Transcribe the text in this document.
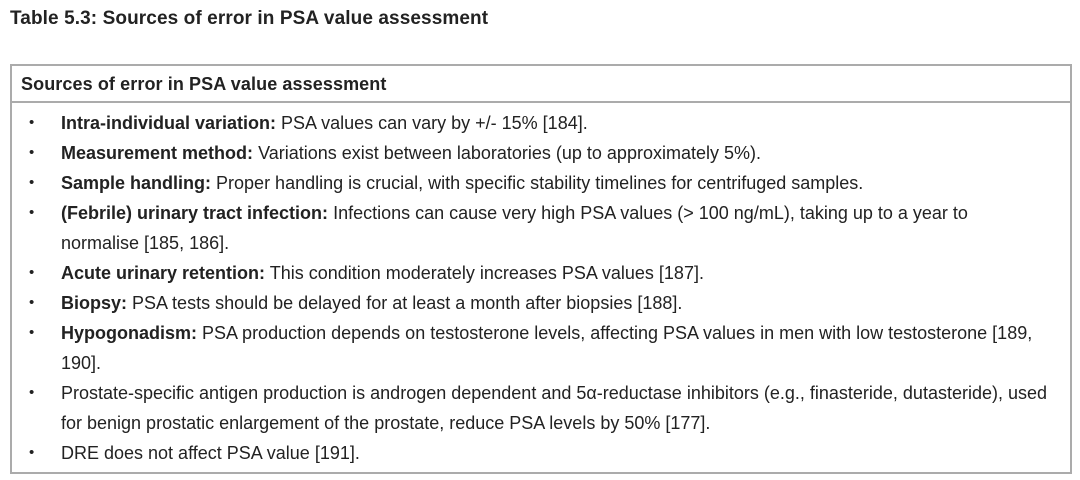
Table 5.3: Sources of error in PSA value assessment
Sources of error in PSA value assessment
•	Intra-individual variation: PSA values can vary by +/- 15% [184].
•	Measurement method: Variations exist between laboratories (up to approximately 5%).
•	Sample handling: Proper handling is crucial, with specific stability timelines for centrifuged samples.
•	(Febrile) urinary tract infection: Infections can cause very high PSA values (> 100 ng/mL), taking up to a year to normalise [185, 186].
•	Acute urinary retention: This condition moderately increases PSA values [187].
•	Biopsy: PSA tests should be delayed for at least a month after biopsies [188].
•	Hypogonadism: PSA production depends on testosterone levels, affecting PSA values in men with low testosterone [189, 190].
•	Prostate-specific antigen production is androgen dependent and 5α-reductase inhibitors (e.g., finasteride, dutasteride), used for benign prostatic enlargement of the prostate, reduce PSA levels by 50% [177].
•	DRE does not affect PSA value [191].
